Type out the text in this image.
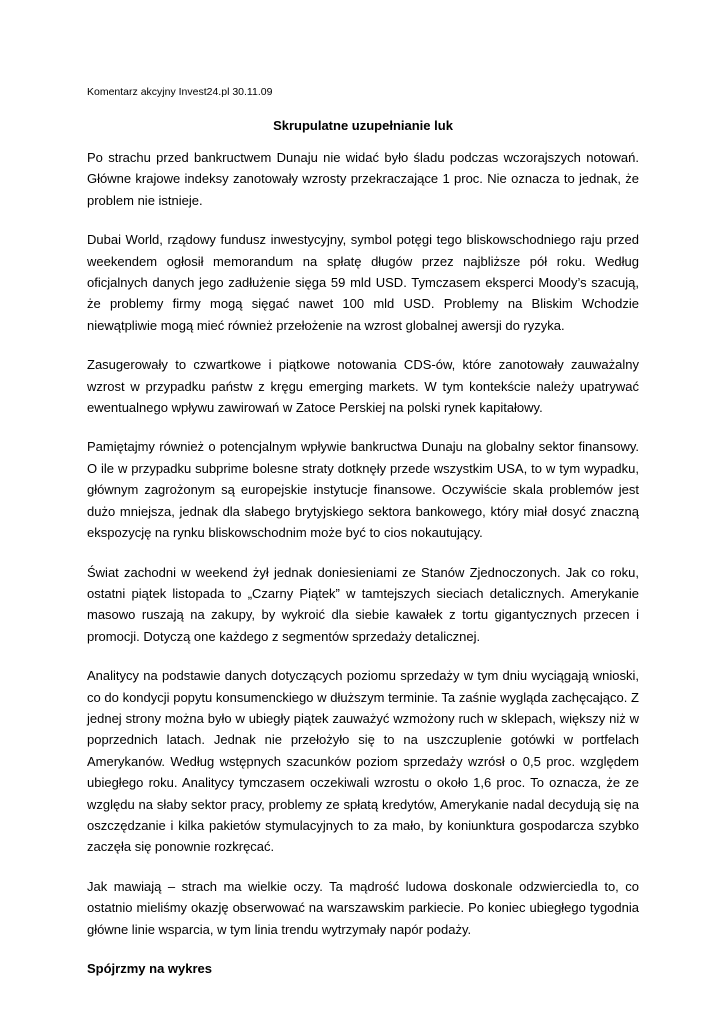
Komentarz akcyjny Invest24.pl 30.11.09
Skrupulatne uzupełnianie luk

Po strachu przed bankructwem Dunaju nie widać było śladu podczas wczorajszych notowań. Główne krajowe indeksy zanotowały wzrosty przekraczające 1 proc. Nie oznacza to jednak, że problem nie istnieje.

Dubai World, rządowy fundusz inwestycyjny, symbol potęgi tego bliskowschodniego raju przed weekendem ogłosił memorandum na spłatę długów przez najbliższe pół roku. Według oficjalnych danych jego zadłużenie sięga 59 mld USD. Tymczasem eksperci Moody’s szacują, że problemy firmy mogą sięgać nawet 100 mld USD. Problemy na Bliskim Wchodzie niewątpliwie mogą mieć również przełożenie na wzrost globalnej awersji do ryzyka.

Zasugerowały to czwartkowe i piątkowe notowania CDS-ów, które zanotowały zauważalny wzrost w przypadku państw z kręgu emerging markets. W tym kontekście należy upatrywać ewentualnego wpływu zawirowań w Zatoce Perskiej na polski rynek kapitałowy.

Pamiętajmy również o potencjalnym wpływie bankructwa Dunaju na globalny sektor finansowy. O ile w przypadku subprime bolesne straty dotknęły przede wszystkim USA, to w tym wypadku, głównym zagrożonym są europejskie instytucje finansowe. Oczywiście skala problemów jest dużo mniejsza, jednak dla słabego brytyjskiego sektora bankowego, który miał dosyć znaczną ekspozycję na rynku bliskowschodnim może być to cios nokautujący.

Świat zachodni w weekend żył jednak doniesieniami ze Stanów Zjednoczonych. Jak co roku, ostatni piątek listopada to „Czarny Piątek” w tamtejszych sieciach detalicznych. Amerykanie masowo ruszają na zakupy, by wykroić dla siebie kawałek z tortu gigantycznych przecen i promocji. Dotyczą one każdego z segmentów sprzedaży detalicznej.

Analitycy na podstawie danych dotyczących poziomu sprzedaży w tym dniu wyciągają wnioski, co do kondycji popytu konsumenckiego w dłuższym terminie. Ta zaśnie wygląda zachęcająco. Z jednej strony można było w ubiegły piątek zauważyć wzmożony ruch w sklepach, większy niż w poprzednich latach. Jednak nie przełożyło się to na uszczuplenie gotówki w portfelach Amerykanów. Według wstępnych szacunków poziom sprzedaży wzrósł o 0,5 proc. względem ubiegłego roku. Analitycy tymczasem oczekiwali wzrostu o około 1,6 proc. To oznacza, że ze względu na słaby sektor pracy, problemy ze spłatą kredytów, Amerykanie nadal decydują się na oszczędzanie i kilka pakietów stymulacyjnych to za mało, by koniunktura gospodarcza szybko zaczęła się ponownie rozkręcać.

Jak mawiają – strach ma wielkie oczy. Ta mądrość ludowa doskonale odzwierciedla to, co ostatnio mieliśmy okazję obserwować na warszawskim parkiecie. Po koniec ubiegłego tygodnia główne linie wsparcia, w tym linia trendu wytrzymały napór podaży.

Spójrzmy na wykres
